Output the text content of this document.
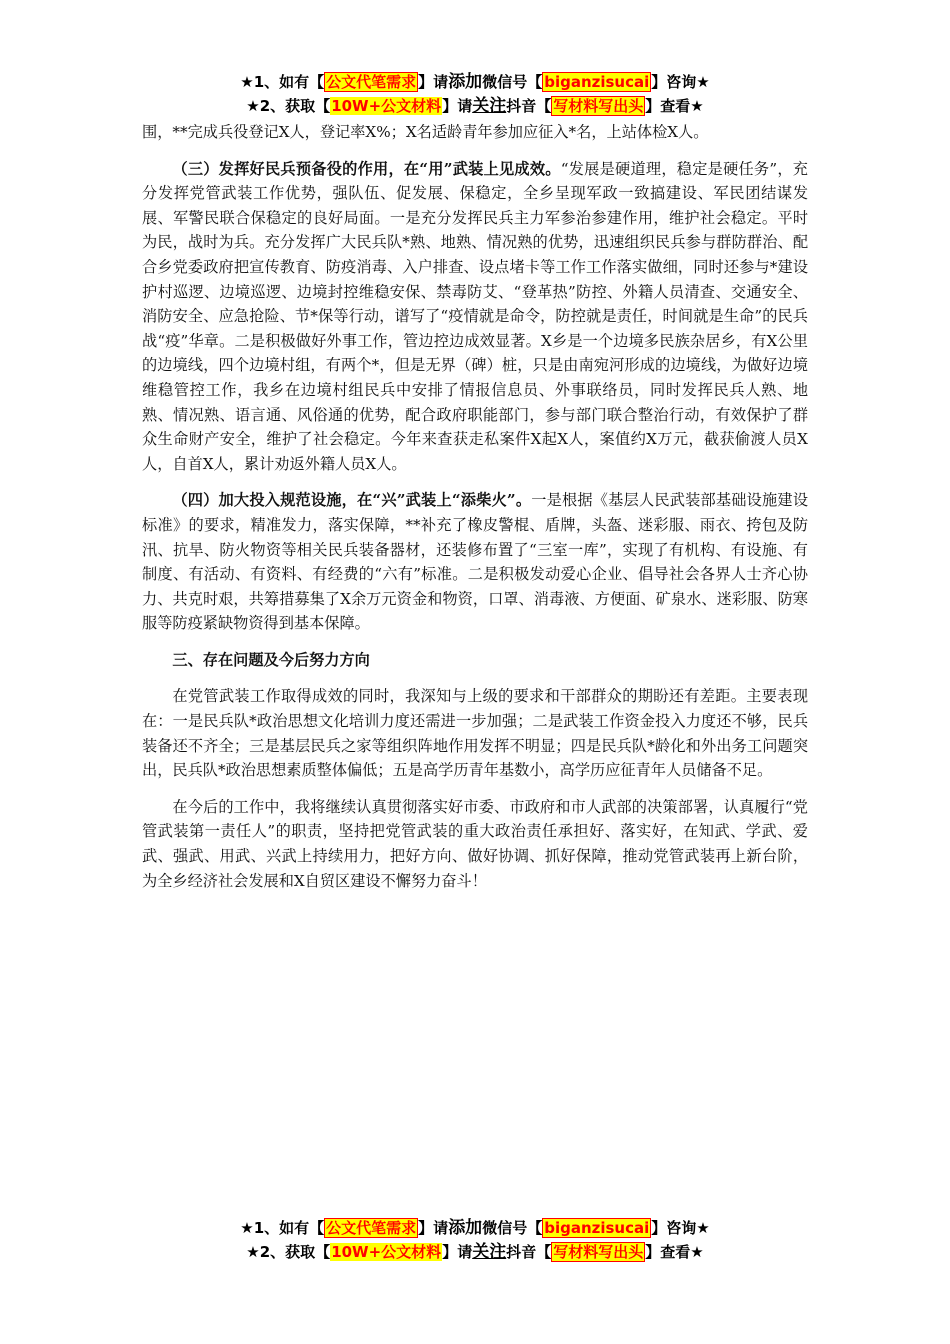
★1、如有【 公文代笔需求 】请添加微信号【 biganzisucai 】咨询★
★2、获取【10W+公文材料】请关注抖音【 写材料写出头 】查看★

围，**完成兵役登记X人，登记率X%；X名适龄青年参加应征入*名，上站体检X人。

（三）发挥好民兵预备役的作用，在“用”武装上见成效。“发展是硬道理，稳定是硬任务”，充分发挥党管武装工作优势，强队伍、促发展、保稳定，全乡呈现军政一致搞建设、军民团结谋发展、军警民联合保稳定的良好局面。一是充分发挥民兵主力军参治参建作用，维护社会稳定。平时为民，战时为兵。充分发挥广大民兵队*熟、地熟、情况熟的优势，迅速组织民兵参与群防群治、配合乡党委政府把宣传教育、防疫消毒、入户排查、设点堵卡等工作工作落实做细，同时还参与*建设护村巡逻、边境巡逻、边境封控维稳安保、禁毒防艾、“登革热”防控、外籍人员清查、交通安全、消防安全、应急抢险、节*保等行动，谱写了“疫情就是命令，防控就是责任，时间就是生命”的民兵战“疫”华章。二是积极做好外事工作，管边控边成效显著。X乡是一个边境多民族杂居乡，有X公里的边境线，四个边境村组，有两个*，但是无界（碑）桩，只是由南宛河形成的边境线，为做好边境维稳管控工作，我乡在边境村组民兵中安排了情报信息员、外事联络员，同时发挥民兵人熟、地熟、情况熟、语言通、风俗通的优势，配合政府职能部门，参与部门联合整治行动，有效保护了群众生命财产安全，维护了社会稳定。今年来查获走私案件X起X人，案值约X万元，截获偷渡人员X人，自首X人，累计劝返外籍人员X人。

（四）加大投入规范设施，在“兴”武装上“添柴火”。一是根据《基层人民武装部基础设施建设标准》的要求，精准发力，落实保障，**补充了橡皮警棍、盾牌，头盔、迷彩服、雨衣、挎包及防汛、抗旱、防火物资等相关民兵装备器材，还装修布置了“三室一库”，实现了有机构、有设施、有制度、有活动、有资料、有经费的“六有”标准。二是积极发动爱心企业、倡导社会各界人士齐心协力、共克时艰，共筹措募集了X余万元资金和物资，口罩、消毒液、方便面、矿泉水、迷彩服、防寒服等防疫紧缺物资得到基本保障。

三、存在问题及今后努力方向

在党管武装工作取得成效的同时，我深知与上级的要求和干部群众的期盼还有差距。主要表现在：一是民兵队*政治思想文化培训力度还需进一步加强；二是武装工作资金投入力度还不够，民兵装备还不齐全；三是基层民兵之家等组织阵地作用发挥不明显；四是民兵队*龄化和外出务工问题突出，民兵队*政治思想素质整体偏低；五是高学历青年基数小，高学历应征青年人员储备不足。

在今后的工作中，我将继续认真贯彻落实好市委、市政府和市人武部的决策部署，认真履行“党管武装第一责任人”的职责，坚持把党管武装的重大政治责任承担好、落实好，在知武、学武、爱武、强武、用武、兴武上持续用力，把好方向、做好协调、抓好保障，推动党管武装再上新台阶，为全乡经济社会发展和X自贸区建设不懈努力奋斗！

★1、如有【 公文代笔需求 】请添加微信号【 biganzisucai 】咨询★
★2、获取【10W+公文材料】请关注抖音【 写材料写出头 】查看★
